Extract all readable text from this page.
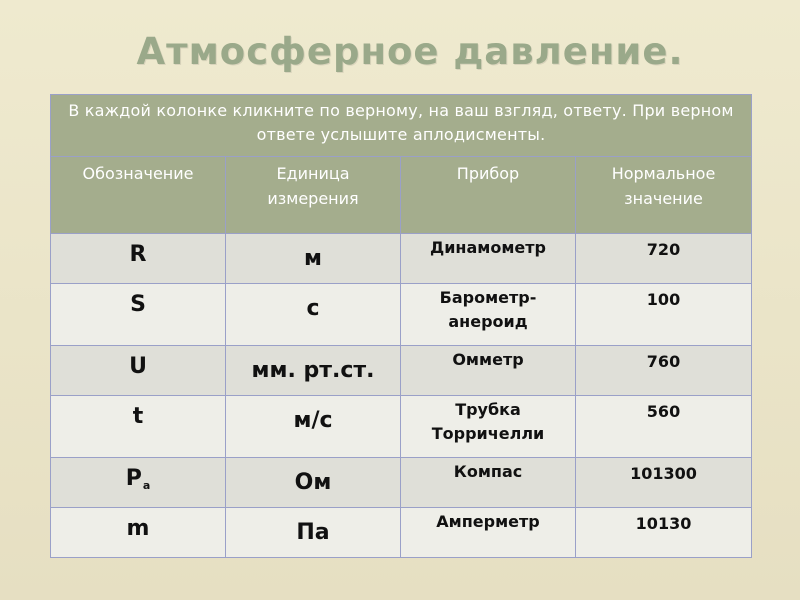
Атмосферное давление.
В каждой колонке кликните по верному, на ваш взгляд, ответу. При верном ответе услышите аплодисменты.			
Обозначение	Единица измерения	Прибор	Нормальное значение
R	м	Динамометр	720
S	с	Барометр-анероид	100
U	мм. рт.ст.	Омметр	760
t	м/с	Трубка Торричелли	560
$P_а$	Ом	Компас	101300
m	Па	Амперметр	10130
